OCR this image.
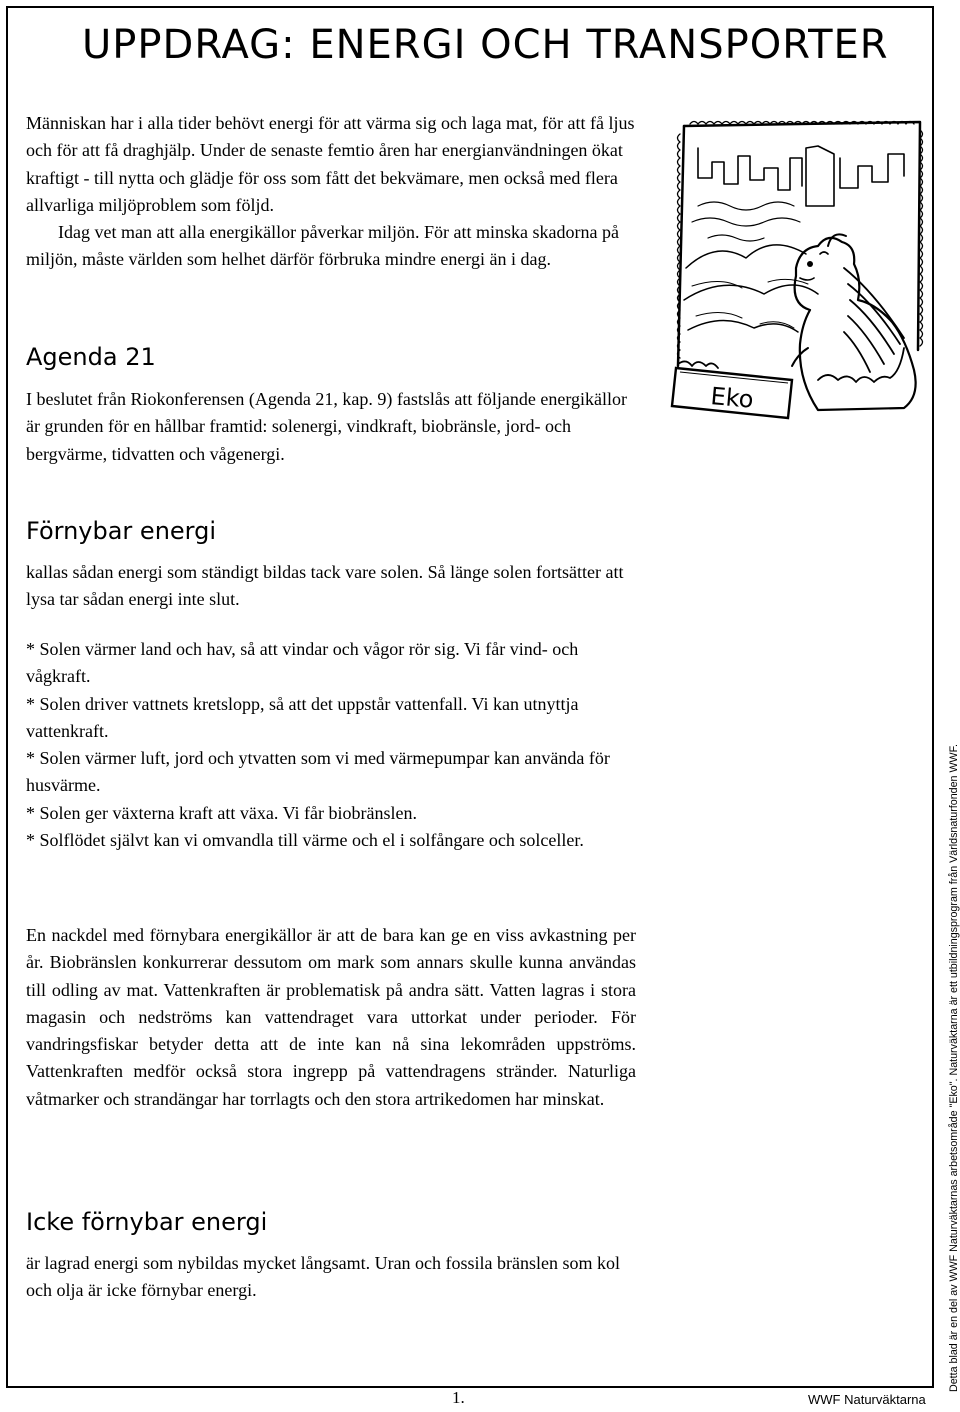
UPPDRAG: ENERGI OCH TRANSPORTER

Människan har i alla tider behövt energi för att värma sig och laga mat, för att få ljus och för att få draghjälp. Under de senaste femtio åren har energianvändningen ökat kraftigt - till nytta och glädje för oss som fått det bekvämare, men också med flera allvarliga miljöproblem som följd.

Idag vet man att alla energikällor påverkar miljön. För att minska skadorna på miljön, måste världen som helhet därför förbruka mindre energi än i dag.

Agenda 21

I beslutet från Riokonferensen (Agenda 21, kap. 9) fastslås att följande energikällor är grunden för en hållbar framtid: solenergi, vindkraft, biobränsle, jord- och bergvärme, tidvatten och vågenergi.

Förnybar energi

kallas sådan energi som ständigt bildas tack vare solen. Så länge solen fortsätter att lysa tar sådan energi inte slut.

* Solen värmer land och hav, så att vindar och vågor rör sig. Vi får vind- och vågkraft.

* Solen driver vattnets kretslopp, så att det uppstår vattenfall. Vi kan utnyttja vattenkraft.

* Solen värmer luft, jord och ytvatten som vi med värmepumpar kan använda för husvärme.

* Solen ger växterna kraft att växa. Vi får biobränslen.

* Solflödet självt kan vi omvandla till värme och el i solfångare och solceller.

En nackdel med förnybara energikällor är att de bara kan ge en viss avkastning per år. Biobränslen konkurrerar dessutom om mark som annars skulle kunna användas till odling av mat. Vattenkraften är problematisk på andra sätt. Vatten lagras i stora magasin och nedströms kan vattendraget vara uttorkat under perioder. För vandringsfiskar betyder detta att de inte kan nå sina lekområden uppströms. Vattenkraften medför också stora ingrepp på vattendragens stränder. Naturliga våtmarker och strandängar har torrlagts och den stora artrikedomen har minskat.

Icke förnybar energi

är lagrad energi som nybildas mycket långsamt. Uran och fossila bränslen som kol och olja är icke förnybar energi.

Eko
1.	WWF Naturväktarna
Detta blad är en del av WWF Naturväktarnas arbetsområde "Eko". Naturväktarna är ett utbildningsprogram från Världsnaturfonden WWF.
